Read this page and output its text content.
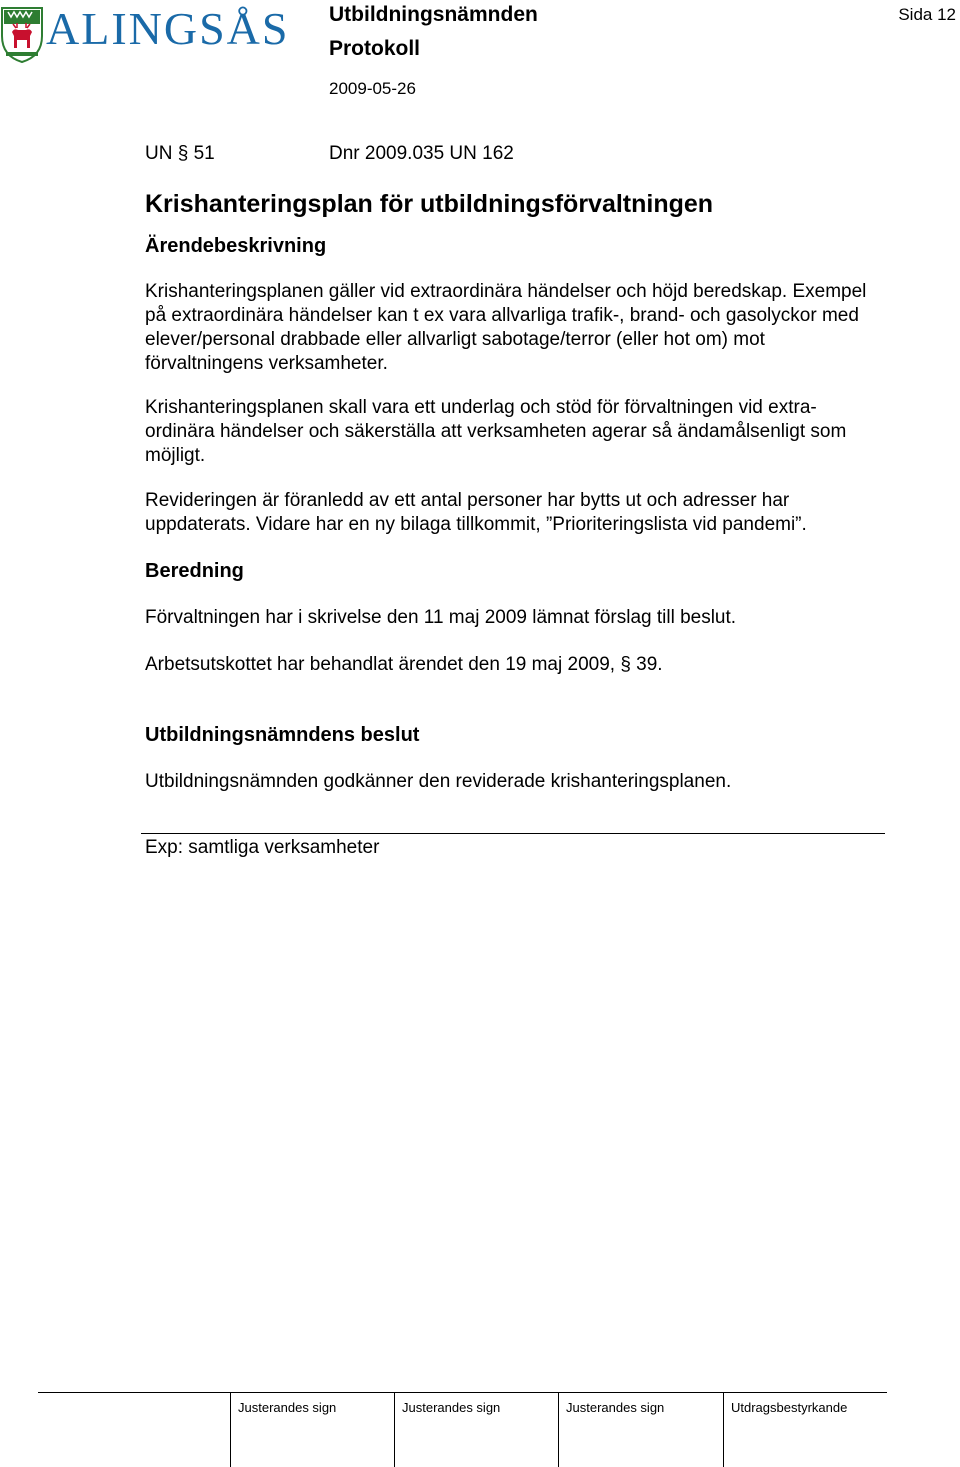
ALINGSÅS Utbildningsnämnden
Protokoll
2009-05-26
Sida 12
UN § 51	Dnr 2009.035 UN 162
Krishanteringsplan för utbildningsförvaltningen
Ärendebeskrivning
Krishanteringsplanen gäller vid extraordinära händelser och höjd beredskap. Exempel på extraordinära händelser kan t ex vara allvarliga trafik-, brand- och gasolyckor med elever/personal drabbade eller allvarligt sabotage/terror (eller hot om) mot förvaltningens verksamheter.
Krishanteringsplanen skall vara ett underlag och stöd för förvaltningen vid extra-ordinära händelser och säkerställa att verksamheten agerar så ändamålsenligt som möjligt.
Revideringen är föranledd av ett antal personer har bytts ut och adresser har uppdaterats. Vidare har en ny bilaga tillkommit, ”Prioriteringslista vid pandemi”.
Beredning
Förvaltningen har i skrivelse den 11 maj 2009 lämnat förslag till beslut.
Arbetsutskottet har behandlat ärendet den 19 maj 2009, § 39.
Utbildningsnämndens beslut
Utbildningsnämnden godkänner den reviderade krishanteringsplanen.
Exp: samtliga verksamheter
Justerandes sign	Justerandes sign	Justerandes sign	Utdragsbestyrkande
